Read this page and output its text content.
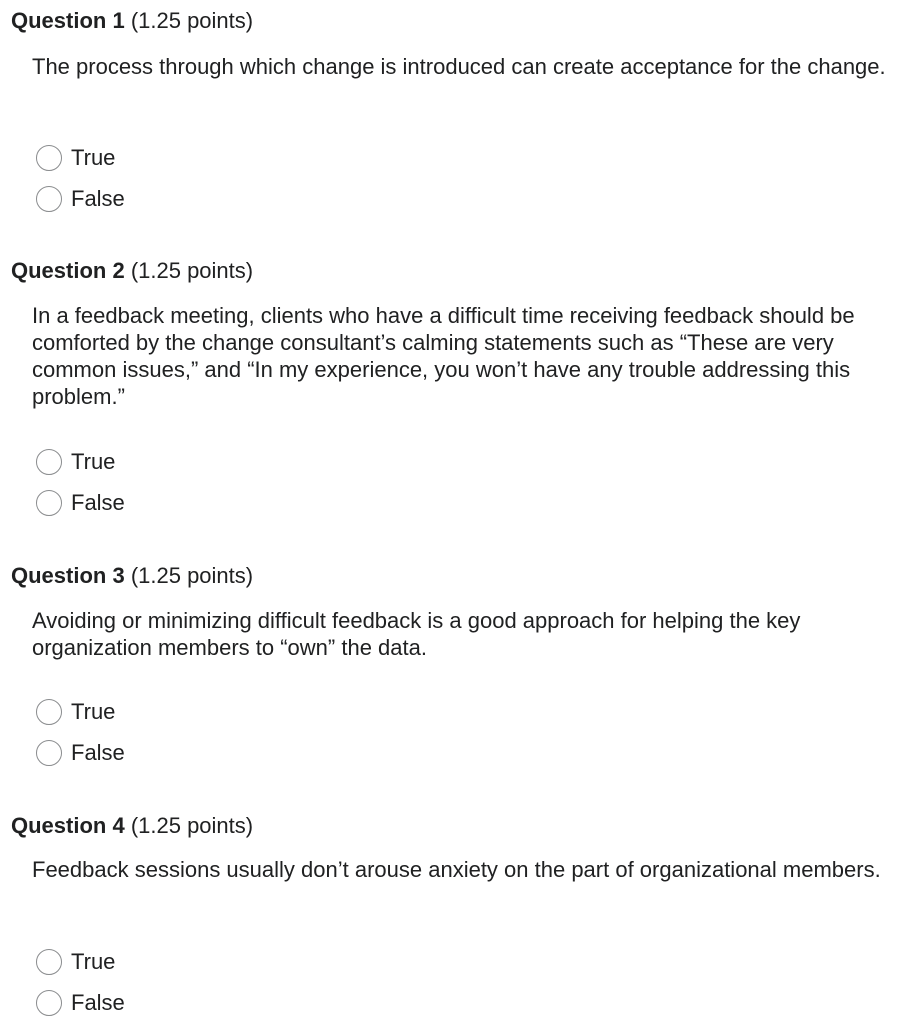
Question 1 (1.25 points)
The process through which change is introduced can create acceptance for the change.
True
False
Question 2 (1.25 points)
In a feedback meeting, clients who have a difficult time receiving feedback should be comforted by the change consultant’s calming statements such as “These are very common issues,” and “In my experience, you won’t have any trouble addressing this problem.”
True
False
Question 3 (1.25 points)
Avoiding or minimizing difficult feedback is a good approach for helping the key organization members to “own” the data.
True
False
Question 4 (1.25 points)
Feedback sessions usually don’t arouse anxiety on the part of organizational members.
True
False
